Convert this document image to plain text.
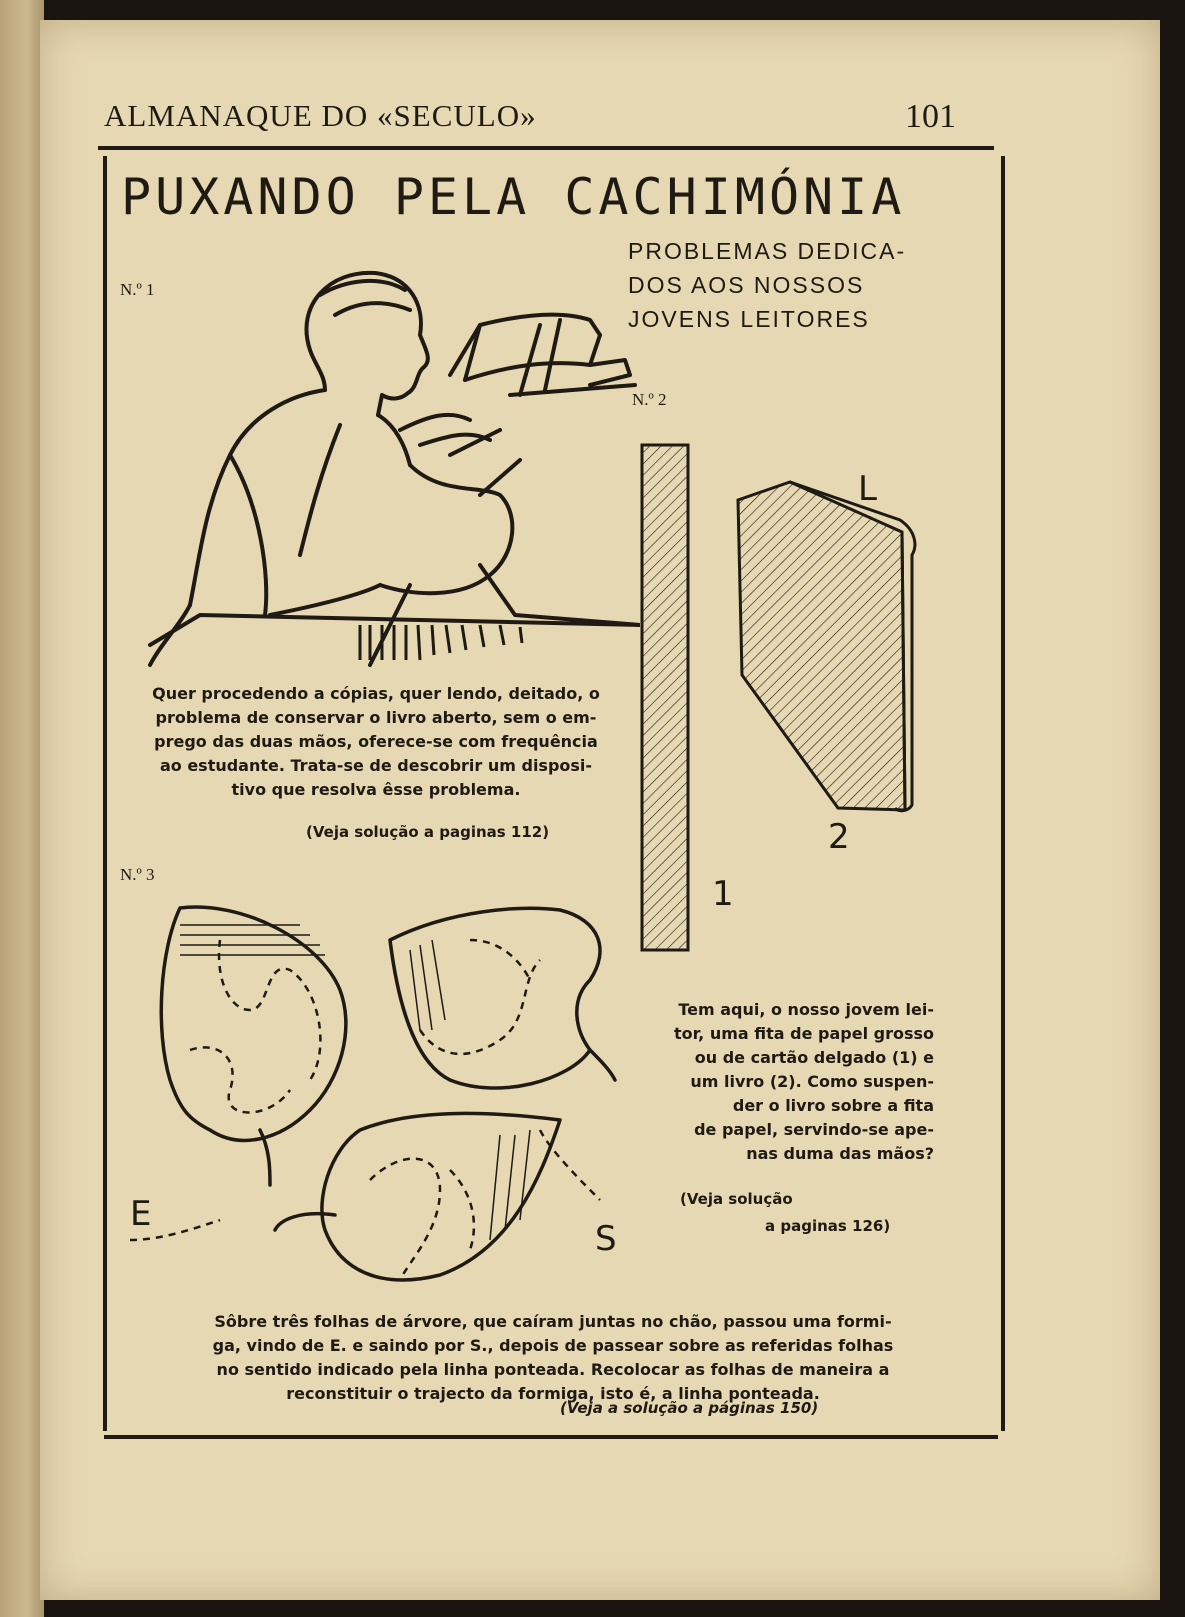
ALMANAQUE DO «SECULO»	101
PUXANDO PELA CACHIMÓNIA
PROBLEMAS DEDICA-
DOS AOS NOSSOS
JOVENS LEITORES
N.º 1
Quer procedendo a cópias, quer lendo, deitado, o
problema de conservar o livro aberto, sem o em-
prego das duas mãos, oferece-se com frequência
ao estudante. Trata-se de descobrir um disposi-
tivo que resolva êsse problema.
(Veja solução a paginas 112)
N.º 2
L
2
1
Tem aqui, o nosso jovem lei-
tor, uma fita de papel grosso
ou de cartão delgado (1) e
um livro (2). Como suspen-
der o livro sobre a fita
de papel, servindo-se ape-
nas duma das mãos?
(Veja solução
a paginas 126)
N.º 3
E
S
Sôbre três folhas de árvore, que caíram juntas no chão, passou uma formi-
ga, vindo de E. e saindo por S., depois de passear sobre as referidas folhas
no sentido indicado pela linha ponteada. Recolocar as folhas de maneira a
reconstituir o trajecto da formiga, isto é, a linha ponteada.
(Veja a solução a páginas 150)
